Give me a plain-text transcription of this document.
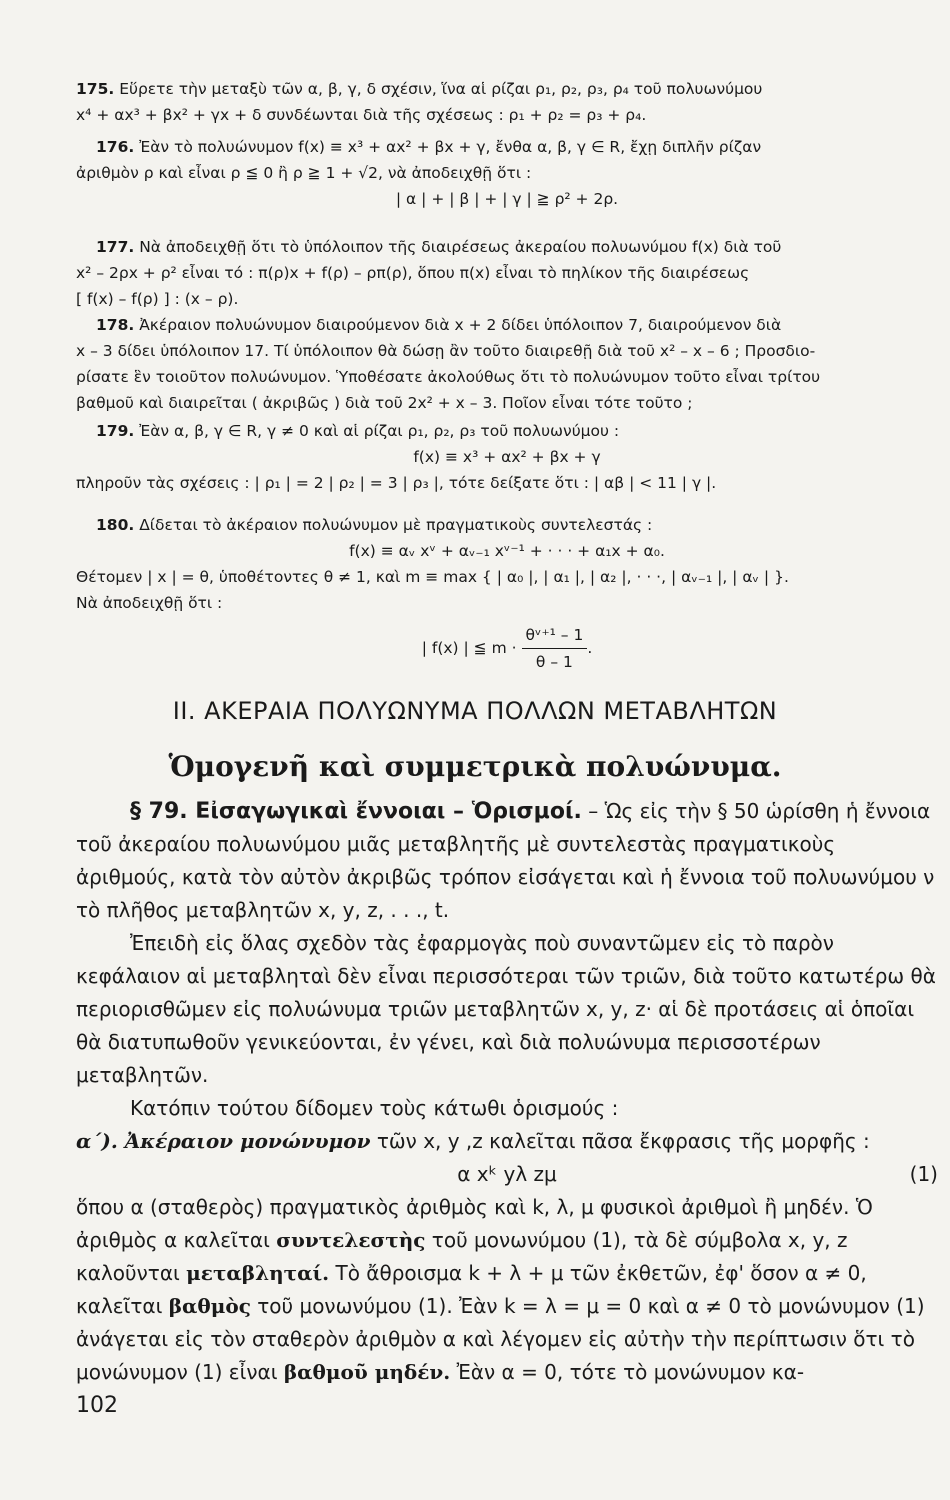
175. Εὕρετε τὴν μεταξὺ τῶν α, β, γ, δ σχέσιν, ἵνα αἱ ρίζαι ρ₁, ρ₂, ρ₃, ρ₄ τοῦ πολυωνύμου
x⁴ + αx³ + βx² + γx + δ συνδέωνται διὰ τῆς σχέσεως : ρ₁ + ρ₂ = ρ₃ + ρ₄.
176. Ἐὰν τὸ πολυώνυμον f(x) ≡ x³ + αx² + βx + γ, ἔνθα α, β, γ ∈ R, ἔχῃ διπλῆν ρίζαν
ἀριθμὸν ρ καὶ εἶναι ρ ≦ 0 ἢ ρ ≧ 1 + √2, νὰ ἀποδειχθῇ ὅτι :
| α | + | β | + | γ | ≧ ρ² + 2ρ.
177. Νὰ ἀποδειχθῇ ὅτι τὸ ὑπόλοιπον τῆς διαιρέσεως ἀκεραίου πολυωνύμου f(x) διὰ τοῦ
x² – 2ρx + ρ² εἶναι τό : π(ρ)x + f(ρ) – ρπ(ρ), ὅπου π(x) εἶναι τὸ πηλίκον τῆς διαιρέσεως
[ f(x) – f(ρ) ] : (x – ρ).
178. Ἀκέραιον πολυώνυμον διαιρούμενον διὰ x + 2 δίδει ὑπόλοιπον 7, διαιρούμενον διὰ
x – 3 δίδει ὑπόλοιπον 17. Τί ὑπόλοιπον θὰ δώσῃ ἂν τοῦτο διαιρεθῇ διὰ τοῦ x² – x – 6 ; Προσδιο-
ρίσατε ἓν τοιοῦτον πολυώνυμον. Ὑποθέσατε ἀκολούθως ὅτι τὸ πολυώνυμον τοῦτο εἶναι τρίτου
βαθμοῦ καὶ διαιρεῖται ( ἀκριβῶς ) διὰ τοῦ 2x² + x – 3. Ποῖον εἶναι τότε τοῦτο ;
179. Ἐὰν α, β, γ ∈ R, γ ≠ 0 καὶ αἱ ρίζαι ρ₁, ρ₂, ρ₃ τοῦ πολυωνύμου :
f(x) ≡ x³ + αx² + βx + γ
πληροῦν τὰς σχέσεις : | ρ₁ | = 2 | ρ₂ | = 3 | ρ₃ |, τότε δείξατε ὅτι : | αβ | < 11 | γ |.
180. Δίδεται τὸ ἀκέραιον πολυώνυμον μὲ πραγματικοὺς συντελεστάς :
f(x) ≡ αᵥ xᵛ + αᵥ₋₁ xᵛ⁻¹ + · · · + α₁x + α₀.
Θέτομεν | x | = θ, ὑποθέτοντες θ ≠ 1, καὶ m ≡ max { | α₀ |, | α₁ |, | α₂ |, · · ·, | αᵥ₋₁ |, | αᵥ | }.
Νὰ ἀποδειχθῇ ὅτι :
| f(x) | ≦ $m \cdot \frac{\text{θᵛ⁺¹ – 1}}{\theta - 1}$ .
II. ΑΚΕΡΑΙΑ ΠΟΛΥΩΝΥΜΑ ΠΟΛΛΩΝ ΜΕΤΑΒΛΗΤΩΝ
Ὁμογενῆ καὶ συμμετρικὰ πολυώνυμα.

§ 79. Εἰσαγωγικαὶ ἔννοιαι – Ὁρισμοί. – Ὡς εἰς τὴν § 50 ὡρίσθη ἡ ἔννοια τοῦ ἀκεραίου πολυωνύμου μιᾶς μεταβλητῆς μὲ συντελεστὰς πραγματικοὺς ἀριθμούς, κατὰ τὸν αὐτὸν ἀκριβῶς τρόπον εἰσάγεται καὶ ἡ ἔννοια τοῦ πολυωνύμου ν τὸ πλῆθος μεταβλητῶν x, y, z, . . ., t.

Ἐπειδὴ εἰς ὅλας σχεδὸν τὰς ἐφαρμογὰς ποὺ συναντῶμεν εἰς τὸ παρὸν κεφάλαιον αἱ μεταβληταὶ δὲν εἶναι περισσότεραι τῶν τριῶν, διὰ τοῦτο κατωτέρω θὰ περιορισθῶμεν εἰς πολυώνυμα τριῶν μεταβλητῶν x, y, z· αἱ δὲ προτάσεις αἱ ὁποῖαι θὰ διατυπωθοῦν γενικεύονται, ἐν γένει, καὶ διὰ πολυώνυμα περισσοτέρων μεταβλητῶν.

Κατόπιν τούτου δίδομεν τοὺς κάτωθι ὁρισμούς :

α΄). Ἀκέραιον μονώνυμον τῶν x, y ,z καλεῖται πᾶσα ἔκφρασις τῆς μορφῆς :

α xᵏ yλ zμ	(1)

ὅπου α (σταθερὸς) πραγματικὸς ἀριθμὸς καὶ k, λ, μ φυσικοὶ ἀριθμοὶ ἢ μηδέν. Ὁ ἀριθμὸς α καλεῖται συντελεστὴς τοῦ μονωνύμου (1), τὰ δὲ σύμβολα x, y, z καλοῦνται μεταβληταί. Τὸ ἄθροισμα k + λ + μ τῶν ἐκθετῶν, ἐφ' ὅσον α ≠ 0, καλεῖται βαθμὸς τοῦ μονωνύμου (1). Ἐὰν k = λ = μ = 0 καὶ α ≠ 0 τὸ μονώνυμον (1) ἀνάγεται εἰς τὸν σταθερὸν ἀριθμὸν α καὶ λέγομεν εἰς αὐτὴν τὴν περίπτωσιν ὅτι τὸ μονώνυμον (1) εἶναι βαθμοῦ μηδέν. Ἐὰν α = 0, τότε τὸ μονώνυμον κα-

102
